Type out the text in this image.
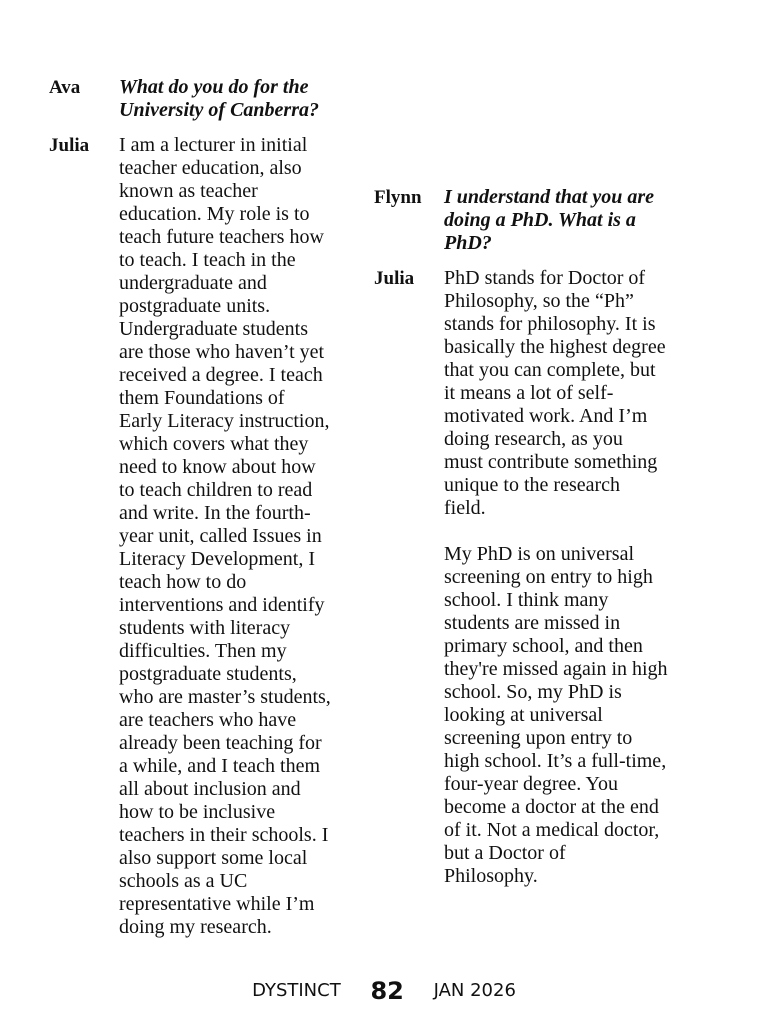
Ava What do you do for the
University of Canberra?
Julia I am a lecturer in initial
teacher education, also
known as teacher
education. My role is to
teach future teachers how
to teach. I teach in the
undergraduate and
postgraduate units.
Undergraduate students
are those who haven’t yet
received a degree. I teach
them Foundations of
Early Literacy instruction,
which covers what they
need to know about how
to teach children to read
and write. In the fourth-
year unit, called Issues in
Literacy Development, I
teach how to do
interventions and identify
students with literacy
difficulties. Then my
postgraduate students,
who are master’s students,
are teachers who have
already been teaching for
a while, and I teach them
all about inclusion and
how to be inclusive
teachers in their schools. I
also support some local
schools as a UC
representative while I’m
doing my research.
Flynn I understand that you are
doing a PhD. What is a
PhD?
Julia PhD stands for Doctor of
Philosophy, so the “Ph”
stands for philosophy. It is
basically the highest degree
that you can complete, but
it means a lot of self-
motivated work. And I’m
doing research, as you
must contribute something
unique to the research
field.
My PhD is on universal
screening on entry to high
school. I think many
students are missed in
primary school, and then
they're missed again in high
school. So, my PhD is
looking at universal
screening upon entry to
high school. It’s a full-time,
four-year degree. You
become a doctor at the end
of it. Not a medical doctor,
but a Doctor of
Philosophy.
DYSTINCT 82 JAN 2026
